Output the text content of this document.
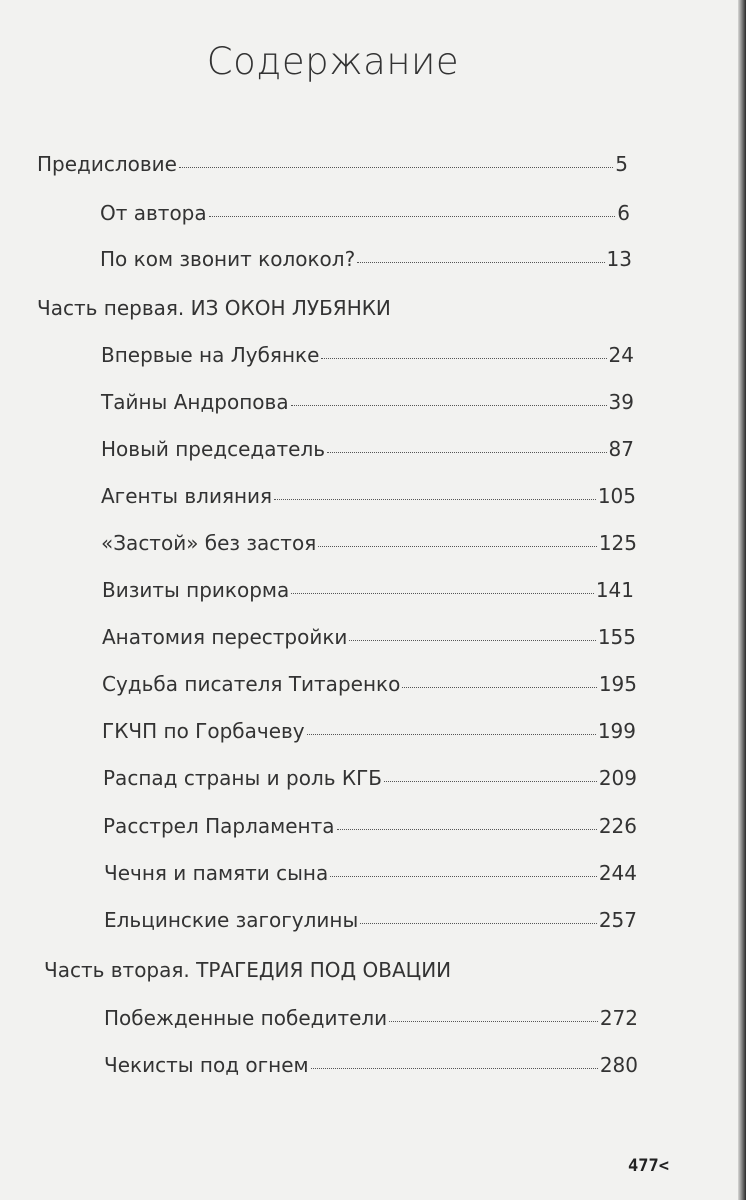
Содержание
Предисловие	5
От автора	6
По ком звонит колокол?	13
Часть первая. ИЗ ОКОН ЛУБЯНКИ
Впервые на Лубянке	24
Тайны Андропова	39
Новый председатель	87
Агенты влияния	105
«Застой» без застоя	125
Визиты прикорма	141
Анатомия перестройки	155
Судьба писателя Титаренко	195
ГКЧП по Горбачеву	199
Распад страны и роль КГБ	209
Расстрел Парламента	226
Чечня и памяти сына	244
Ельцинские загогулины	257
Часть вторая. ТРАГЕДИЯ ПОД ОВАЦИИ
Побежденные победители	272
Чекисты под огнем	280
477<
